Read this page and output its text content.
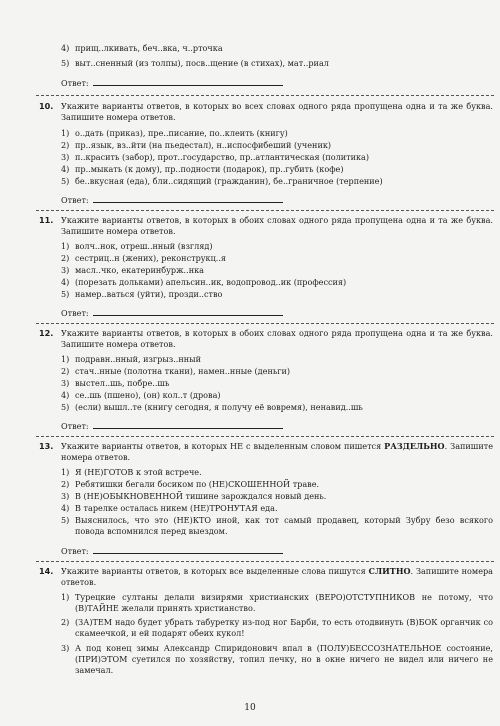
4) прищ..лкивать, беч..вка, ч..рточка
5) выт..сненный (из толпы), посв..щение (в стихах), мат..риал
Ответ:
10. Укажите варианты ответов, в которых во всех словах одного ряда пропущена одна и та же буква. Запишите номера ответов.
1) о..дать (приказ), пре..писание, по..клеить (книгу)
2) пр..язык, вз..йти (на пьедестал), н..испосфибеший (ученик)
3) п..красить (забор), прот..государство, пр..атлантическая (политика)
4) пр..мыкать (к дому), пр..подности (подарок), пр..губить (кофе)
5) бе..вкусная (еда), бли..сидящий (гражданин), бе..граничное (терпение)
Ответ:
11. Укажите варианты ответов, в которых в обоих словах одного ряда пропущена одна и та же буква. Запишите номера ответов.
1) волч..нок, отреш..нный (взгляд)
2) сестриц..н (жених), реконструкц..я
3) масл..чко, екатеринбурж..нка
4) (порезать дольками) апельсин..ик, водопровод..ик (профессия)
5) намер..ваться (уйти), прозди..ство
Ответ:
12. Укажите варианты ответов, в которых в обоих словах одного ряда пропущена одна и та же буква. Запишите номера ответов.
1) подравн..нный, изгрыз..нный
2) стач..нные (полотна ткани), намен..нные (деньги)
3) выстел..шь, побре..шь
4) се..шь (пшено), (он) кол..т (дрова)
5) (если) вышл..те (книгу сегодня, я получу её вовремя), ненавид..шь
Ответ:
13. Укажите варианты ответов, в которых НЕ с выделенным словом пишется РАЗДЕЛЬНО. Запишите номера ответов.
1) Я (НЕ)ГОТОВ к этой встрече.
2) Ребятишки бегали босиком по (НЕ)СКОШЕННОЙ траве.
3) В (НЕ)ОБЫКНОВЕННОЙ тишине зарождался новый день.
4) В тарелке осталась никем (НЕ)ТРОНУТАЯ еда.
5) Выяснилось, что это (НЕ)КТО иной, как тот самый продавец, который Зубру безо всякого повода вспомнился перед выездом.
Ответ:
14. Укажите варианты ответов, в которых все выделенные слова пишутся СЛИТНО. Запишите номера ответов.
1) Турецкие султаны делали визирями христианских (ВЕРО)ОТСТУПНИКОВ не потому, что (В)ТАЙНЕ желали принять христианство.
2) (ЗА)ТЕМ надо будет убрать табуретку из-под ног Барби, то есть отодвинуть (В)БОК органчик со скамеечкой, и ей подарят обеих кукол!
3) А под конец зимы Александр Спиридонович впал в (ПОЛУ)БЕССОЗНАТЕЛЬНОЕ состояние, (ПРИ)ЭТОМ суетился по хозяйству, топил печку, но в окне ничего не видел или ничего не замечал.
10
